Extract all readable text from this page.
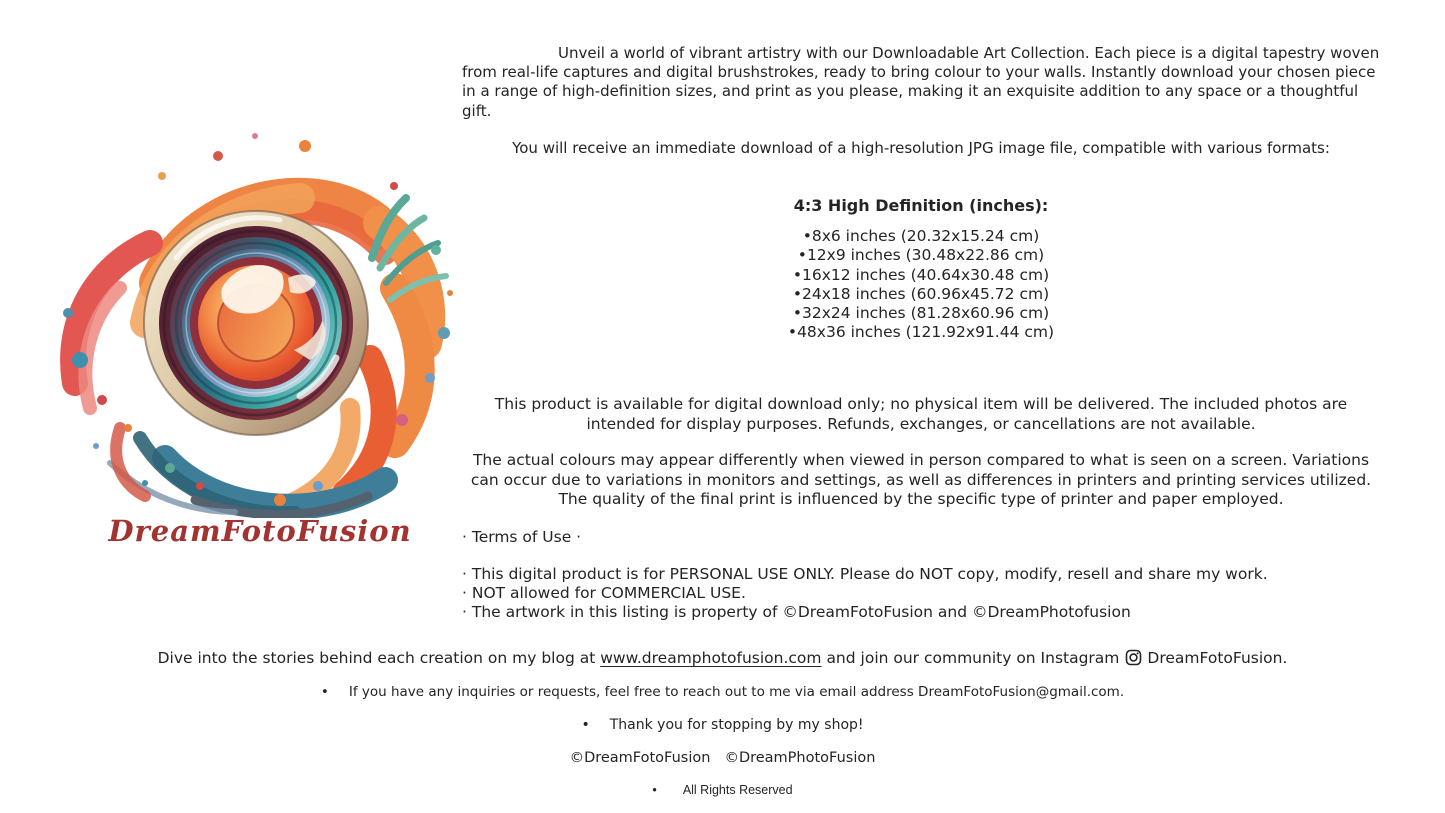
DreamFotoFusion

Unveil a world of vibrant artistry with our Downloadable Art Collection. Each piece is a digital tapestry woven from real-life captures and digital brushstrokes, ready to bring colour to your walls. Instantly download your chosen piece in a range of high-definition sizes, and print as you please, making it an exquisite addition to any space or a thoughtful gift.

You will receive an immediate download of a high-resolution JPG image file, compatible with various formats:

4:3 High Definition (inches):

•8x6 inches (20.32x15.24 cm)
•12x9 inches (30.48x22.86 cm)
•16x12 inches (40.64x30.48 cm)
•24x18 inches (60.96x45.72 cm)
•32x24 inches (81.28x60.96 cm)
•48x36 inches (121.92x91.44 cm)

This product is available for digital download only; no physical item will be delivered. The included photos are intended for display purposes. Refunds, exchanges, or cancellations are not available.

The actual colours may appear differently when viewed in person compared to what is seen on a screen. Variations can occur due to variations in monitors and settings, as well as differences in printers and printing services utilized. The quality of the final print is influenced by the specific type of printer and paper employed.

· Terms of Use ·

· This digital product is for PERSONAL USE ONLY. Please do NOT copy, modify, resell and share my work.
· NOT allowed for COMMERCIAL USE.
· The artwork in this listing is property of ©DreamFotoFusion and ©DreamPhotofusion
Dive into the stories behind each creation on my blog at www.dreamphotofusion.com and join our community on Instagram DreamFotoFusion.
• If you have any inquiries or requests, feel free to reach out to me via email address DreamFotoFusion@gmail.com.
• Thank you for stopping by my shop!
©DreamFotoFusion ©DreamPhotoFusion
• All Rights Reserved
